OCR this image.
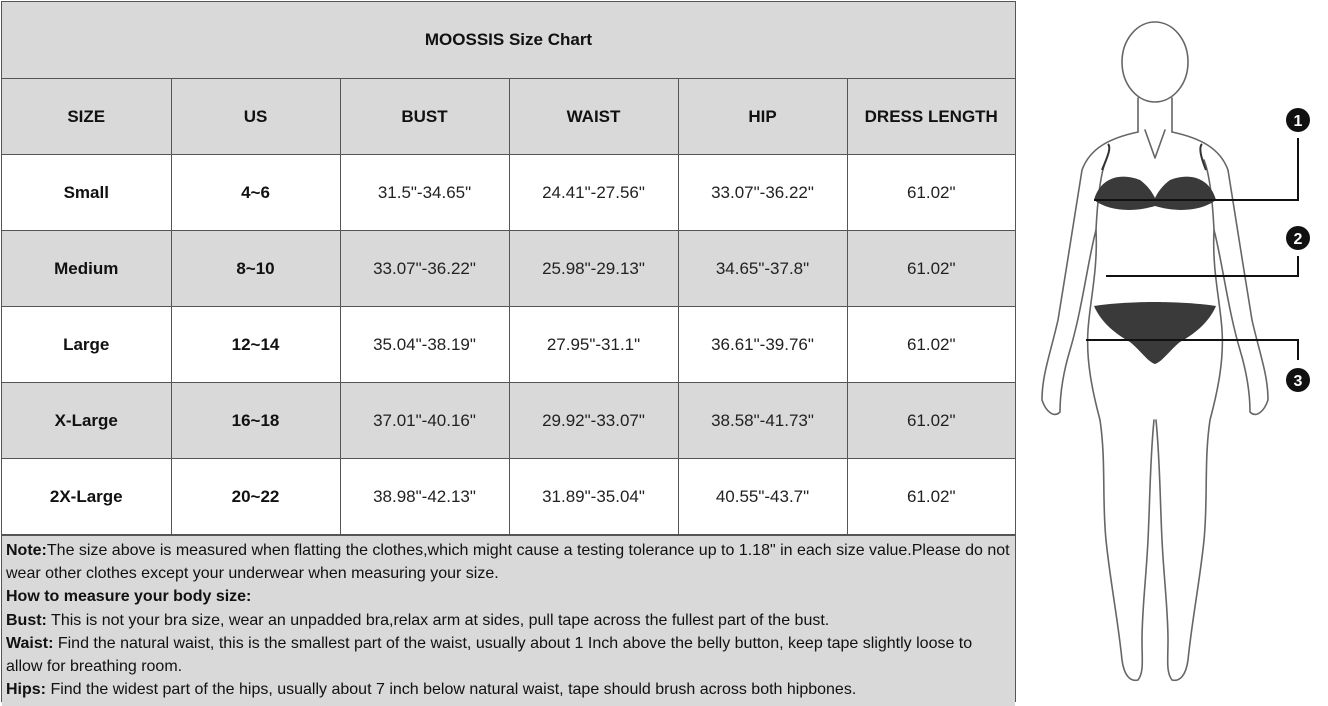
MOOSSIS Size Chart
SIZE	US	BUST	WAIST	HIP	DRESS LENGTH
Small	4~6	31.5"-34.65"	24.41"-27.56"	33.07"-36.22"	61.02"
Medium	8~10	33.07"-36.22"	25.98"-29.13"	34.65"-37.8"	61.02"
Large	12~14	35.04"-38.19"	27.95"-31.1"	36.61"-39.76"	61.02"
X-Large	16~18	37.01"-40.16"	29.92"-33.07"	38.58"-41.73"	61.02"
2X-Large	20~22	38.98"-42.13"	31.89"-35.04"	40.55"-43.7"	61.02"

Note:The size above is measured when flatting the clothes,which might cause a testing tolerance up to 1.18" in each size value.Please do not wear other clothes except your underwear when measuring your size.

How to measure your body size:

Bust: This is not your bra size, wear an unpadded bra,relax arm at sides, pull tape across the fullest part of the bust.

Waist: Find the natural waist, this is the smallest part of the waist, usually about 1 Inch above the belly button, keep tape slightly loose to allow for breathing room.

Hips: Find the widest part of the hips, usually about 7 inch below natural waist, tape should brush across both hipbones.

1
2
3
